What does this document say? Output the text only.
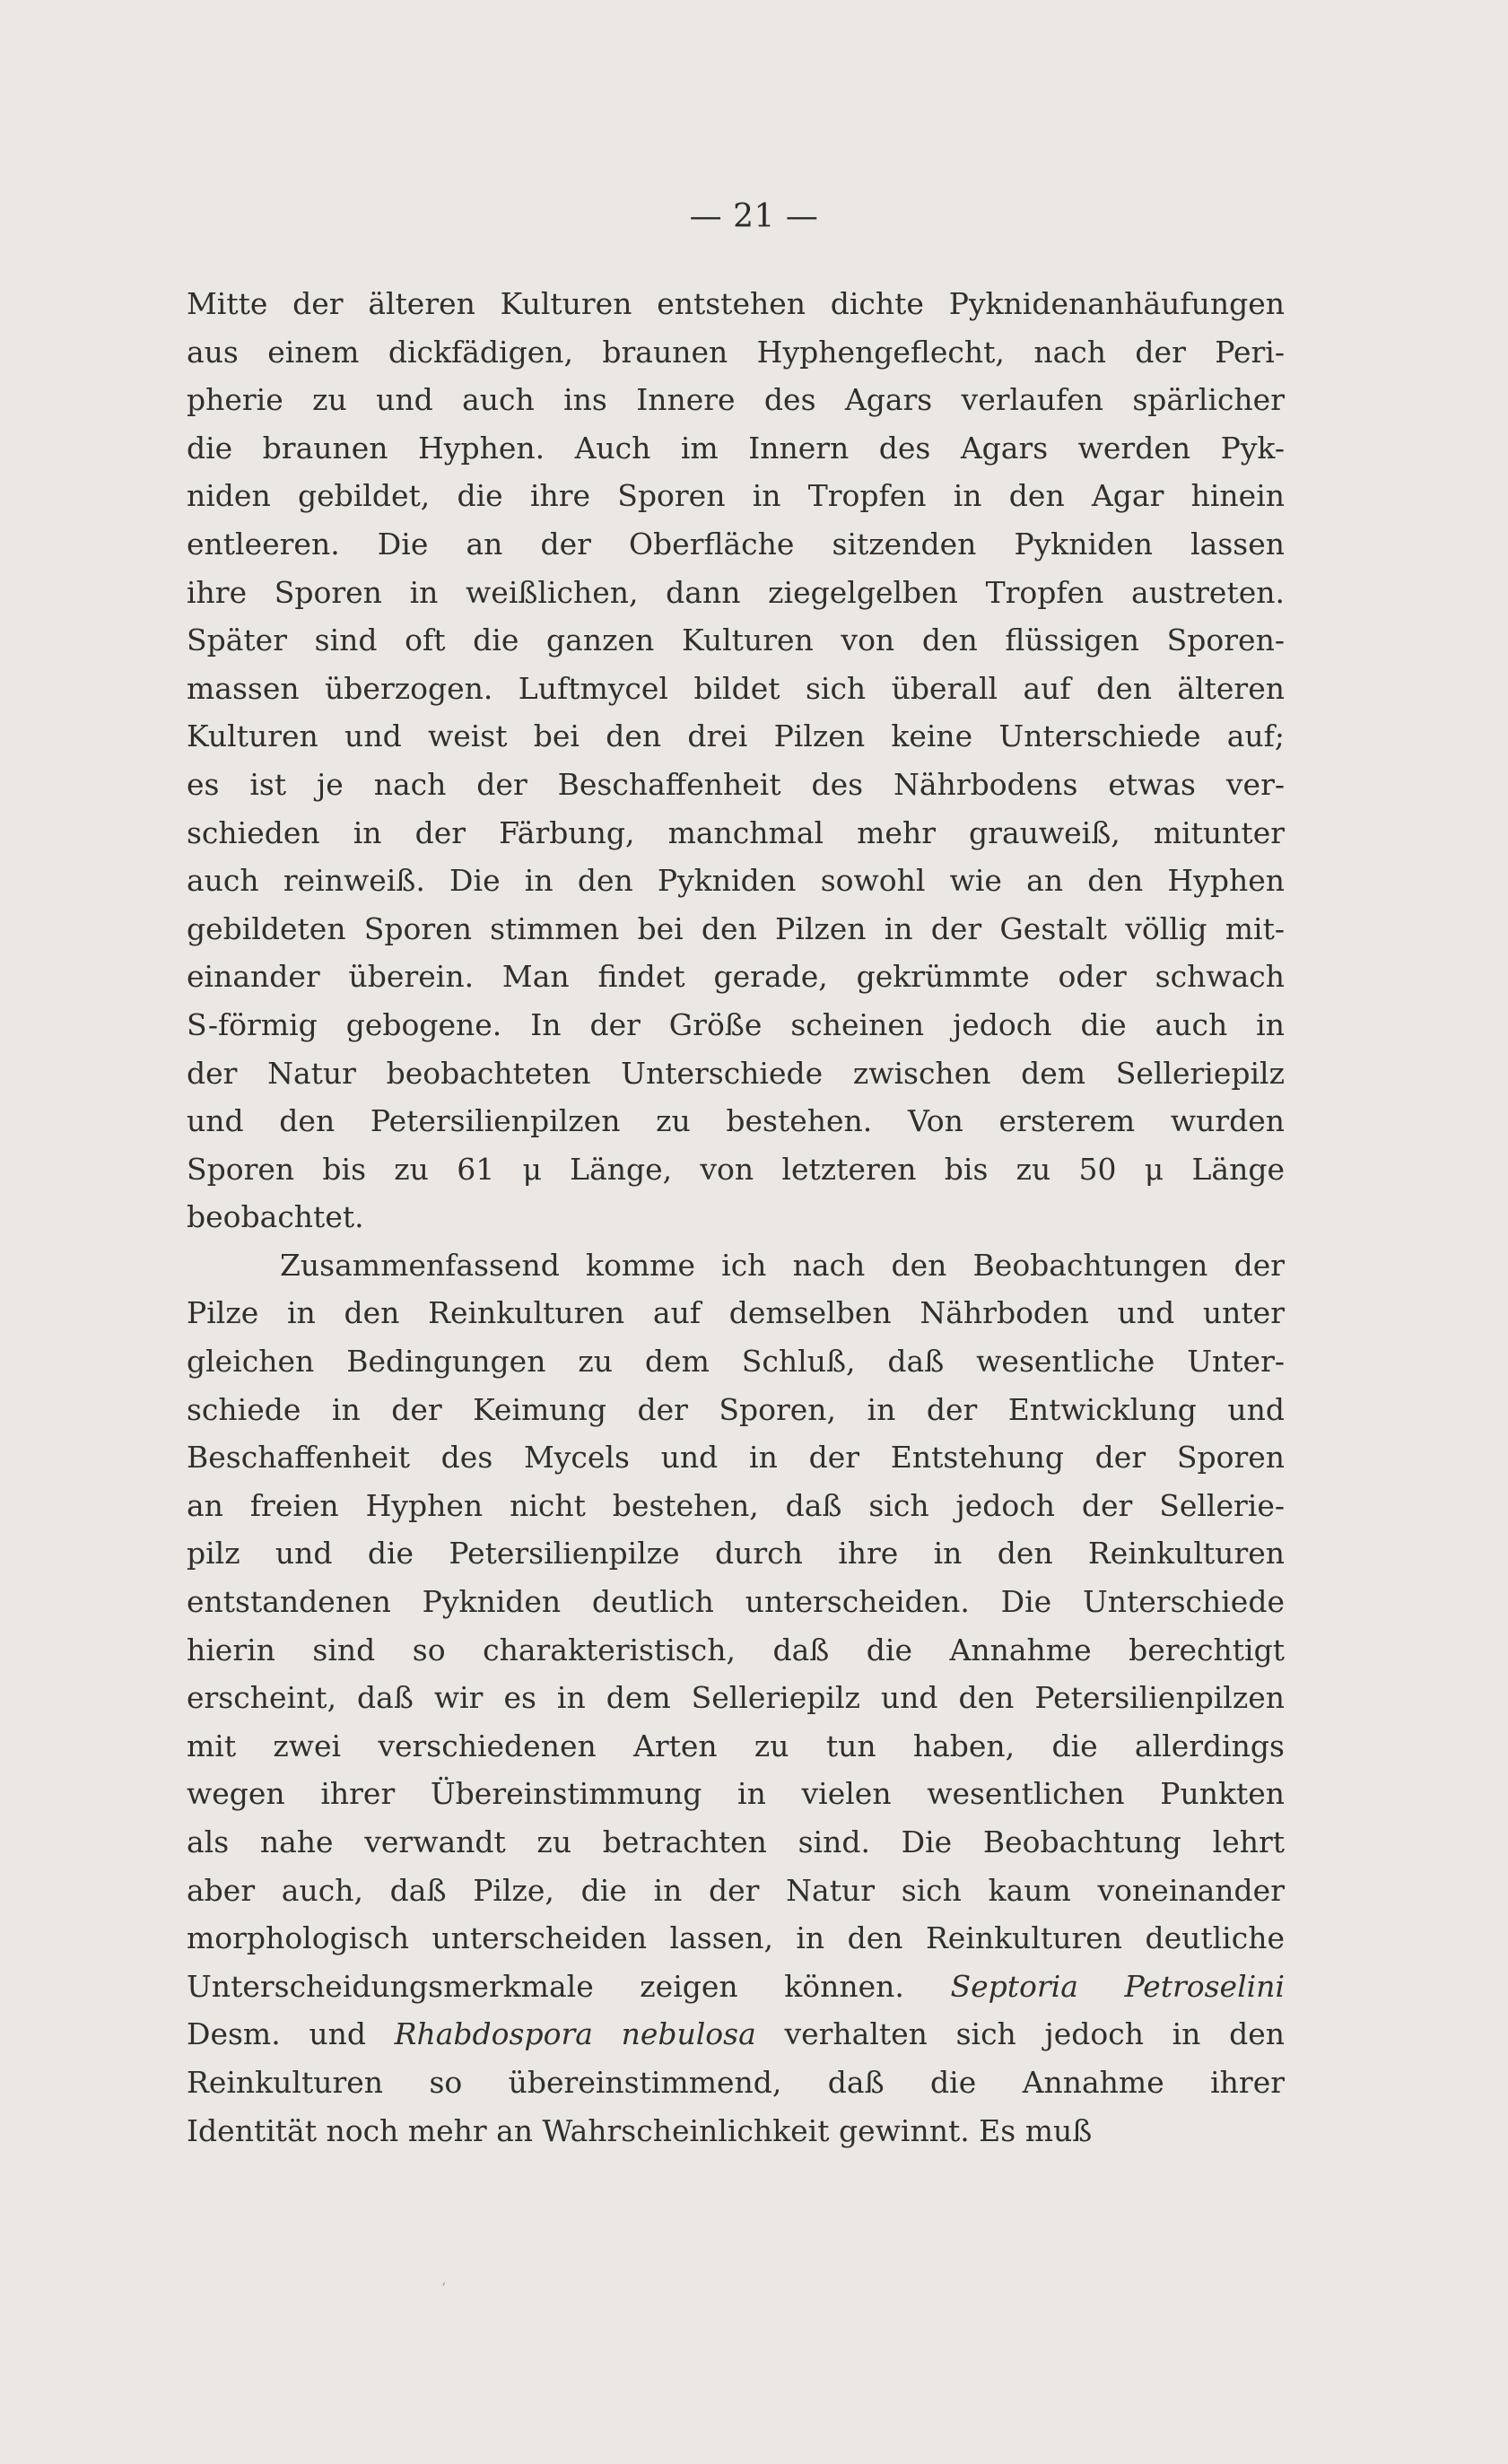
— 21 —
Mitte der älteren Kulturen entstehen dichte Pyknidenanhäufungen
aus einem dickfädigen, braunen Hyphengeflecht, nach der Peri-
pherie zu und auch ins Innere des Agars verlaufen spärlicher
die braunen Hyphen. Auch im Innern des Agars werden Pyk-
niden gebildet, die ihre Sporen in Tropfen in den Agar hinein
entleeren. Die an der Oberfläche sitzenden Pykniden lassen
ihre Sporen in weißlichen, dann ziegelgelben Tropfen austreten.
Später sind oft die ganzen Kulturen von den flüssigen Sporen-
massen überzogen. Luftmycel bildet sich überall auf den älteren
Kulturen und weist bei den drei Pilzen keine Unterschiede auf;
es ist je nach der Beschaffenheit des Nährbodens etwas ver-
schieden in der Färbung, manchmal mehr grauweiß, mitunter
auch reinweiß. Die in den Pykniden sowohl wie an den Hyphen
gebildeten Sporen stimmen bei den Pilzen in der Gestalt völlig mit-
einander überein. Man findet gerade, gekrümmte oder schwach
S-förmig gebogene. In der Größe scheinen jedoch die auch in
der Natur beobachteten Unterschiede zwischen dem Selleriepilz
und den Petersilienpilzen zu bestehen. Von ersterem wurden
Sporen bis zu 61 μ Länge, von letzteren bis zu 50 μ Länge
beobachtet.
Zusammenfassend komme ich nach den Beobachtungen der
Pilze in den Reinkulturen auf demselben Nährboden und unter
gleichen Bedingungen zu dem Schluß, daß wesentliche Unter-
schiede in der Keimung der Sporen, in der Entwicklung und
Beschaffenheit des Mycels und in der Entstehung der Sporen
an freien Hyphen nicht bestehen, daß sich jedoch der Sellerie-
pilz und die Petersilienpilze durch ihre in den Reinkulturen
entstandenen Pykniden deutlich unterscheiden. Die Unterschiede
hierin sind so charakteristisch, daß die Annahme berechtigt
erscheint, daß wir es in dem Selleriepilz und den Petersilienpilzen
mit zwei verschiedenen Arten zu tun haben, die allerdings
wegen ihrer Übereinstimmung in vielen wesentlichen Punkten
als nahe verwandt zu betrachten sind. Die Beobachtung lehrt
aber auch, daß Pilze, die in der Natur sich kaum voneinander
morphologisch unterscheiden lassen, in den Reinkulturen deutliche
Unterscheidungsmerkmale zeigen können. Septoria Petroselini
Desm. und Rhabdospora nebulosa verhalten sich jedoch in den
Reinkulturen so übereinstimmend, daß die Annahme ihrer
Identität noch mehr an Wahrscheinlichkeit gewinnt. Es muß
ʻ
